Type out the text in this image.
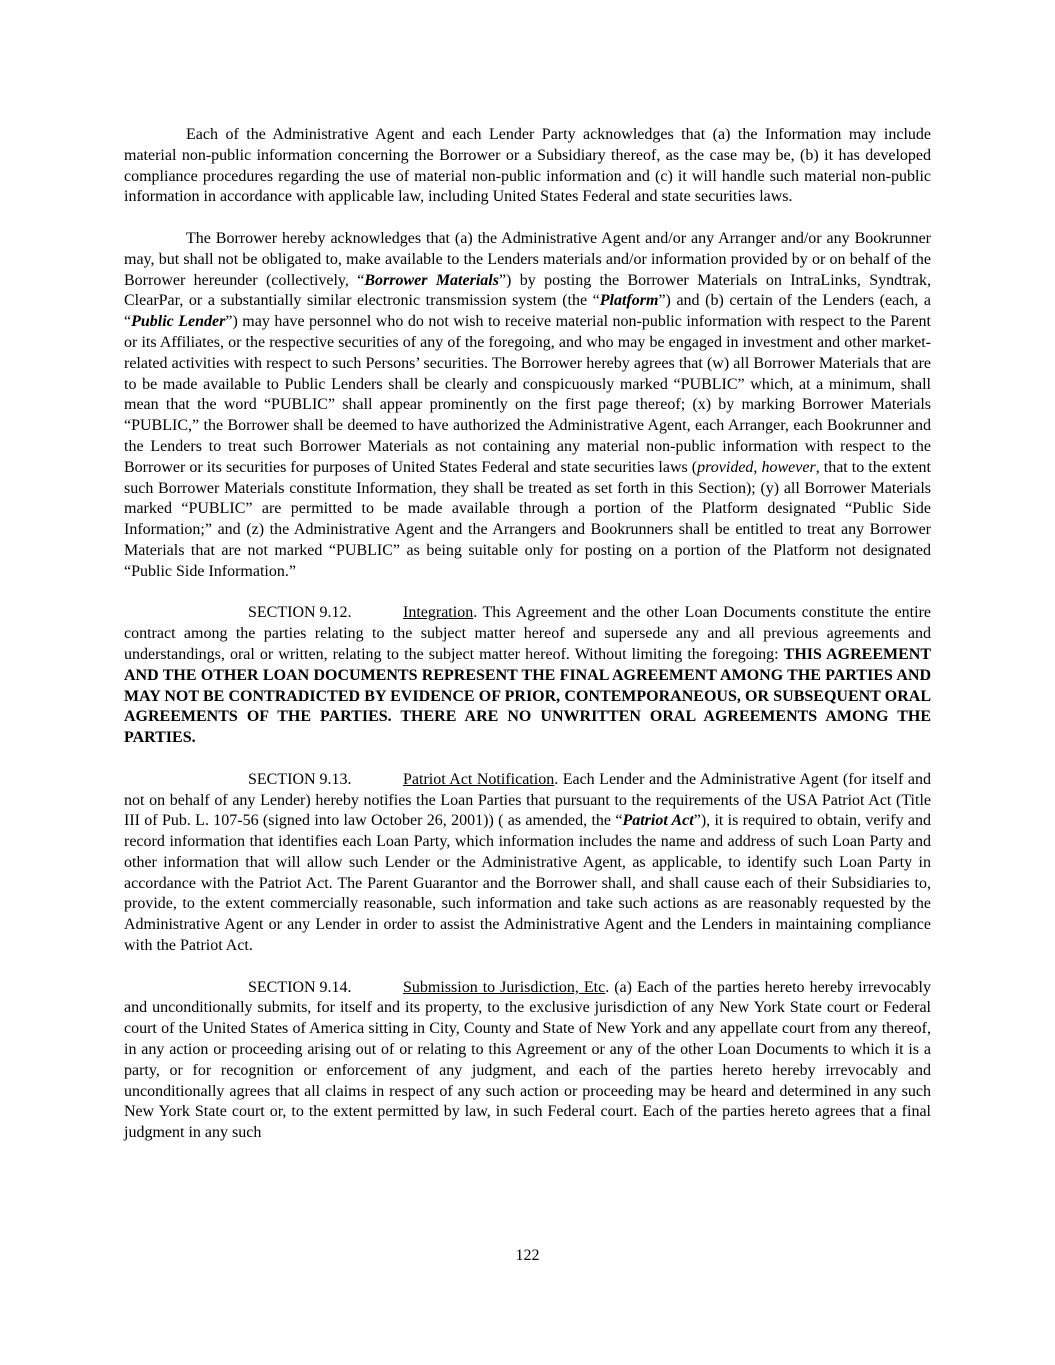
Each of the Administrative Agent and each Lender Party acknowledges that (a) the Information may include material non-public information concerning the Borrower or a Subsidiary thereof, as the case may be, (b) it has developed compliance procedures regarding the use of material non-public information and (c) it will handle such material non-public information in accordance with applicable law, including United States Federal and state securities laws.

The Borrower hereby acknowledges that (a) the Administrative Agent and/or any Arranger and/or any Bookrunner may, but shall not be obligated to, make available to the Lenders materials and/or information provided by or on behalf of the Borrower hereunder (collectively, “Borrower Materials”) by posting the Borrower Materials on IntraLinks, Syndtrak, ClearPar, or a substantially similar electronic transmission system (the “Platform”) and (b) certain of the Lenders (each, a “Public Lender”) may have personnel who do not wish to receive material non-public information with respect to the Parent or its Affiliates, or the respective securities of any of the foregoing, and who may be engaged in investment and other market-related activities with respect to such Persons’ securities. The Borrower hereby agrees that (w) all Borrower Materials that are to be made available to Public Lenders shall be clearly and conspicuously marked “PUBLIC” which, at a minimum, shall mean that the word “PUBLIC” shall appear prominently on the first page thereof; (x) by marking Borrower Materials “PUBLIC,” the Borrower shall be deemed to have authorized the Administrative Agent, each Arranger, each Bookrunner and the Lenders to treat such Borrower Materials as not containing any material non-public information with respect to the Borrower or its securities for purposes of United States Federal and state securities laws (provided, however, that to the extent such Borrower Materials constitute Information, they shall be treated as set forth in this Section); (y) all Borrower Materials marked “PUBLIC” are permitted to be made available through a portion of the Platform designated “Public Side Information;” and (z) the Administrative Agent and the Arrangers and Bookrunners shall be entitled to treat any Borrower Materials that are not marked “PUBLIC” as being suitable only for posting on a portion of the Platform not designated “Public Side Information.”

SECTION 9.12.	Integration. This Agreement and the other Loan Documents constitute the entire contract among the parties relating to the subject matter hereof and supersede any and all previous agreements and understandings, oral or written, relating to the subject matter hereof. Without limiting the foregoing: THIS AGREEMENT AND THE OTHER LOAN DOCUMENTS REPRESENT THE FINAL AGREEMENT AMONG THE PARTIES AND MAY NOT BE CONTRADICTED BY EVIDENCE OF PRIOR, CONTEMPORANEOUS, OR SUBSEQUENT ORAL AGREEMENTS OF THE PARTIES. THERE ARE NO UNWRITTEN ORAL AGREEMENTS AMONG THE PARTIES.

SECTION 9.13.	Patriot Act Notification. Each Lender and the Administrative Agent (for itself and not on behalf of any Lender) hereby notifies the Loan Parties that pursuant to the requirements of the USA Patriot Act (Title III of Pub. L. 107-56 (signed into law October 26, 2001)) ( as amended, the “Patriot Act”), it is required to obtain, verify and record information that identifies each Loan Party, which information includes the name and address of such Loan Party and other information that will allow such Lender or the Administrative Agent, as applicable, to identify such Loan Party in accordance with the Patriot Act. The Parent Guarantor and the Borrower shall, and shall cause each of their Subsidiaries to, provide, to the extent commercially reasonable, such information and take such actions as are reasonably requested by the Administrative Agent or any Lender in order to assist the Administrative Agent and the Lenders in maintaining compliance with the Patriot Act.

SECTION 9.14.	Submission to Jurisdiction, Etc. (a) Each of the parties hereto hereby irrevocably and unconditionally submits, for itself and its property, to the exclusive jurisdiction of any New York State court or Federal court of the United States of America sitting in City, County and State of New York and any appellate court from any thereof, in any action or proceeding arising out of or relating to this Agreement or any of the other Loan Documents to which it is a party, or for recognition or enforcement of any judgment, and each of the parties hereto hereby irrevocably and unconditionally agrees that all claims in respect of any such action or proceeding may be heard and determined in any such New York State court or, to the extent permitted by law, in such Federal court. Each of the parties hereto agrees that a final judgment in any such

122
